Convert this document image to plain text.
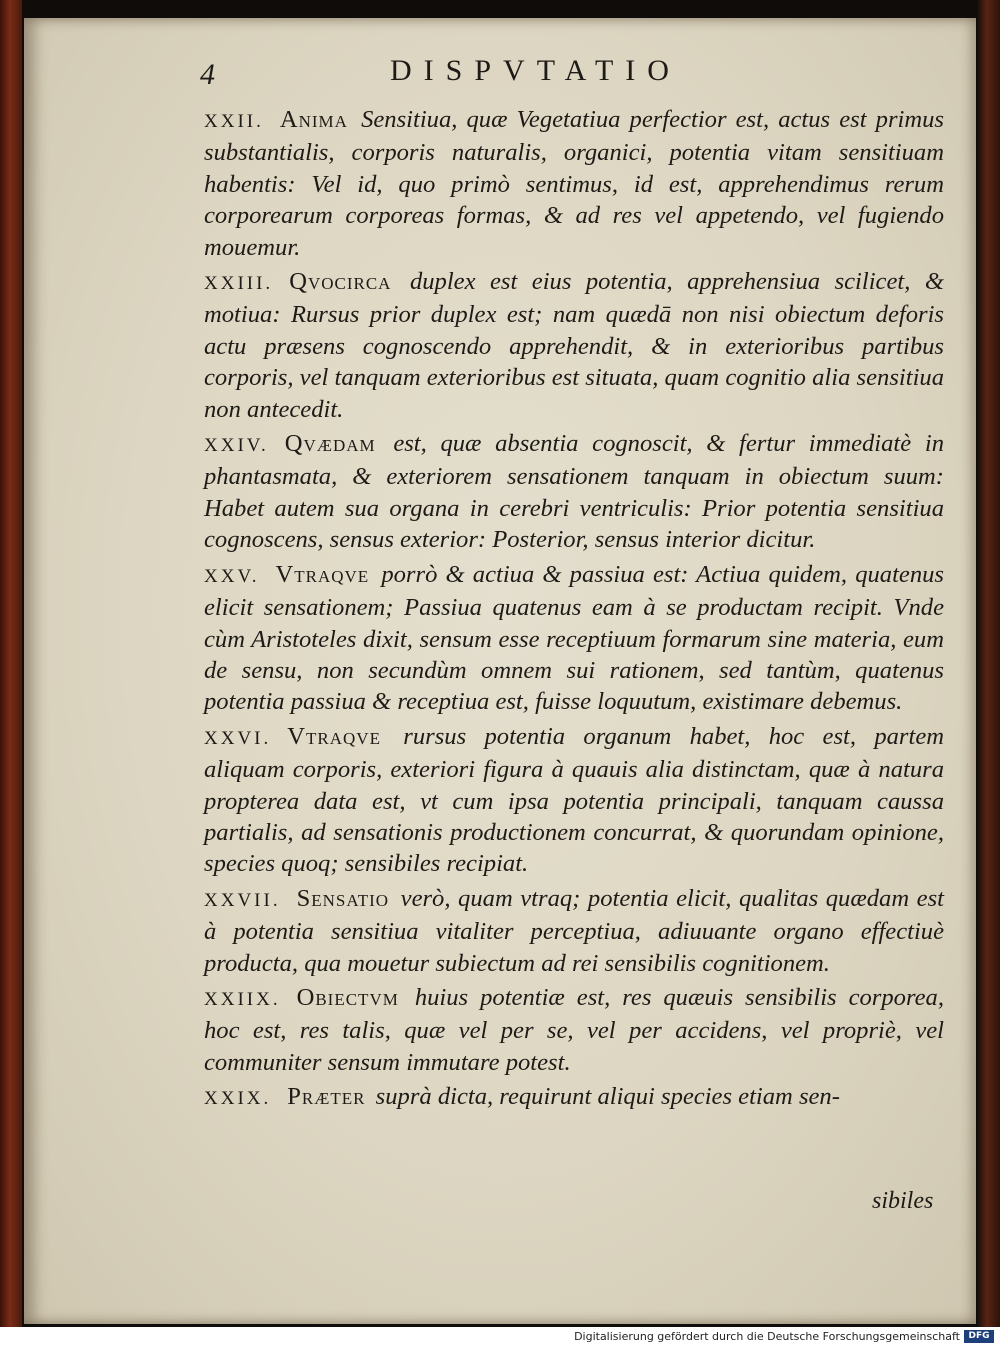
4	DISPVTATIO

XXII. Anima Sensitiua, quæ Vegetatiua perfectior est, actus est primus substantialis, corporis naturalis, organici, potentia vitam sensitiuam habentis: Vel id, quo primò sentimus, id est, apprehendimus rerum corporearum corporeas formas, & ad res vel appetendo, vel fugiendo mouemur.

XXIII. Qvocirca duplex est eius potentia, apprehensiua scilicet, & motiua: Rursus prior duplex est; nam quædā non nisi obiectum deforis actu præsens cognoscendo apprehendit, & in exterioribus partibus corporis, vel tanquam exterioribus est situata, quam cognitio alia sensitiua non antecedit.

XXIV. Qvædam est, quæ absentia cognoscit, & fertur immediatè in phantasmata, & exteriorem sensationem tanquam in obiectum suum: Habet autem sua organa in cerebri ventriculis: Prior potentia sensitiua cognoscens, sensus exterior: Posterior, sensus interior dicitur.

XXV. Vtraqve porrò & actiua & passiua est: Actiua quidem, quatenus elicit sensationem; Passiua quatenus eam à se productam recipit. Vnde cùm Aristoteles dixit, sensum esse receptiuum formarum sine materia, eum de sensu, non secundùm omnem sui rationem, sed tantùm, quatenus potentia passiua & receptiua est, fuisse loquutum, existimare debemus.

XXVI. Vtraqve rursus potentia organum habet, hoc est, partem aliquam corporis, exteriori figura à quauis alia distinctam, quæ à natura propterea data est, vt cum ipsa potentia principali, tanquam caussa partialis, ad sensationis productionem concurrat, & quorundam opinione, species quoq; sensibiles recipiat.

XXVII. Sensatio verò, quam vtraq; potentia elicit, qualitas quædam est à potentia sensitiua vitaliter perceptiua, adiuuante organo effectiuè producta, qua mouetur subiectum ad rei sensibilis cognitionem.

XXIIX. Obiectvm huius potentiæ est, res quæuis sensibilis corporea, hoc est, res talis, quæ vel per se, vel per accidens, vel propriè, vel communiter sensum immutare potest.

XXIX. Præter suprà dicta, requirunt aliqui species etiam sen-

sibiles
Digitalisierung gefördert durch die Deutsche Forschungsgemeinschaft DFG
